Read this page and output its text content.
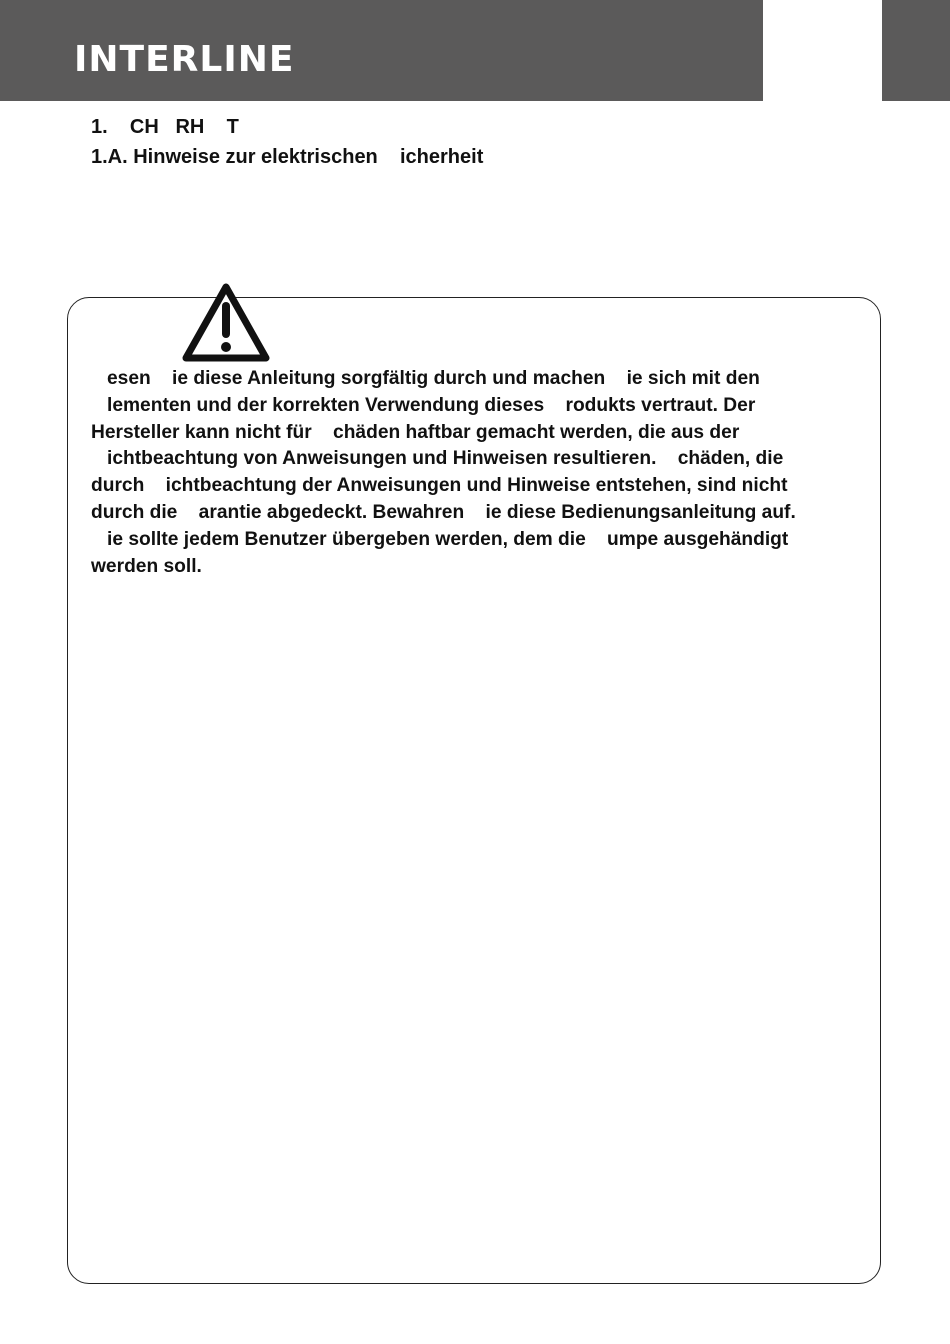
INTERLINE
1.    CH   RH    T
1.A. Hinweise zur elektrischen    icherheit

esen    ie diese Anleitung sorgfältig durch und machen    ie sich mit den
lementen und der korrekten Verwendung dieses    rodukts vertraut. Der
Hersteller kann nicht für    chäden haftbar gemacht werden, die aus der
ichtbeachtung von Anweisungen und Hinweisen resultieren.    chäden, die
durch    ichtbeachtung der Anweisungen und Hinweise entstehen, sind nicht
durch die    arantie abgedeckt. Bewahren    ie diese Bedienungsanleitung auf.
ie sollte jedem Benutzer übergeben werden, dem die    umpe ausgehändigt
werden soll.
